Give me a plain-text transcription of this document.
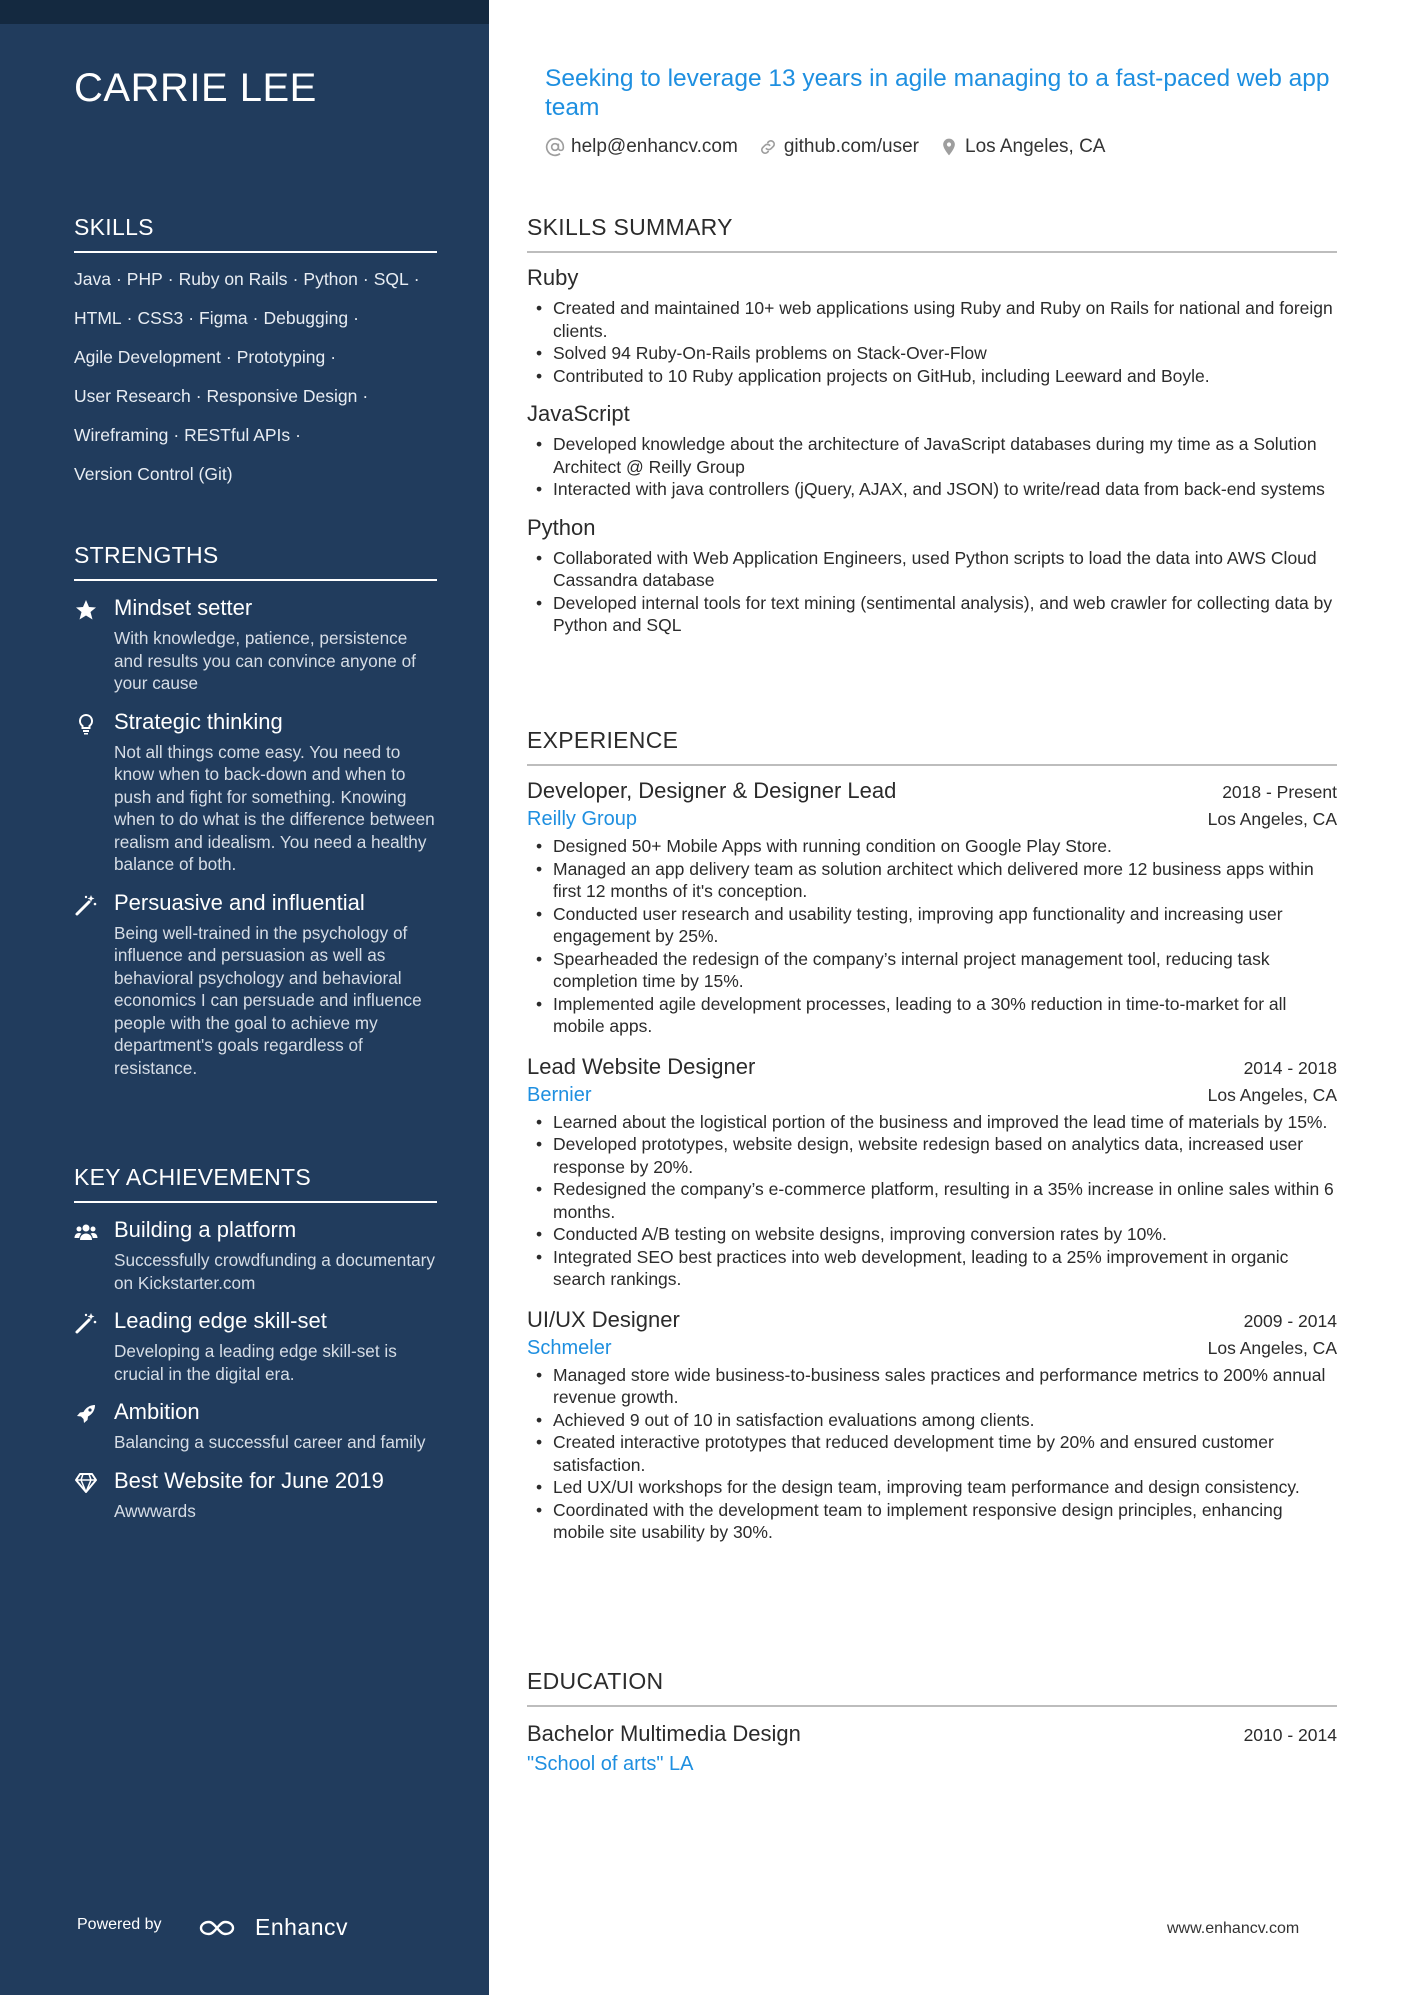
CARRIE LEE
SKILLS
Java · PHP · Ruby on Rails · Python · SQL ·
HTML · CSS3 · Figma · Debugging ·
Agile Development · Prototyping ·
User Research · Responsive Design ·
Wireframing · RESTful APIs ·
Version Control (Git)
STRENGTHS
Mindset setter
With knowledge, patience, persistence and results you can convince anyone of your cause
Strategic thinking
Not all things come easy. You need to know when to back-down and when to push and fight for something. Knowing when to do what is the difference between realism and idealism. You need a healthy balance of both.
Persuasive and influential
Being well-trained in the psychology of influence and persuasion as well as behavioral psychology and behavioral economics I can persuade and influence people with the goal to achieve my department's goals regardless of resistance.
KEY ACHIEVEMENTS
Building a platform
Successfully crowdfunding a documentary on Kickstarter.com
Leading edge skill-set
Developing a leading edge skill-set is crucial in the digital era.
Ambition
Balancing a successful career and family
Best Website for June 2019
Awwwards
Powered by	Enhancv
Seeking to leverage 13 years in agile managing to a fast-paced web app team
help@enhancv.com github.com/user Los Angeles, CA
SKILLS SUMMARY
Ruby
• Created and maintained 10+ web applications using Ruby and Ruby on Rails for national and foreign clients.
• Solved 94 Ruby-On-Rails problems on Stack-Over-Flow
• Contributed to 10 Ruby application projects on GitHub, including Leeward and Boyle.
JavaScript
• Developed knowledge about the architecture of JavaScript databases during my time as a Solution Architect @ Reilly Group
• Interacted with java controllers (jQuery, AJAX, and JSON) to write/read data from back-end systems
Python
• Collaborated with Web Application Engineers, used Python scripts to load the data into AWS Cloud Cassandra database
• Developed internal tools for text mining (sentimental analysis), and web crawler for collecting data by Python and SQL
EXPERIENCE
Developer, Designer & Designer Lead	2018 - Present
Reilly Group	Los Angeles, CA
• Designed 50+ Mobile Apps with running condition on Google Play Store.
• Managed an app delivery team as solution architect which delivered more 12 business apps within first 12 months of it's conception.
• Conducted user research and usability testing, improving app functionality and increasing user engagement by 25%.
• Spearheaded the redesign of the company’s internal project management tool, reducing task completion time by 15%.
• Implemented agile development processes, leading to a 30% reduction in time-to-market for all mobile apps.
Lead Website Designer	2014 - 2018
Bernier	Los Angeles, CA
• Learned about the logistical portion of the business and improved the lead time of materials by 15%.
• Developed prototypes, website design, website redesign based on analytics data, increased user response by 20%.
• Redesigned the company’s e-commerce platform, resulting in a 35% increase in online sales within 6 months.
• Conducted A/B testing on website designs, improving conversion rates by 10%.
• Integrated SEO best practices into web development, leading to a 25% improvement in organic search rankings.
UI/UX Designer	2009 - 2014
Schmeler	Los Angeles, CA
• Managed store wide business-to-business sales practices and performance metrics to 200% annual revenue growth.
• Achieved 9 out of 10 in satisfaction evaluations among clients.
• Created interactive prototypes that reduced development time by 20% and ensured customer satisfaction.
• Led UX/UI workshops for the design team, improving team performance and design consistency.
• Coordinated with the development team to implement responsive design principles, enhancing mobile site usability by 30%.
EDUCATION
Bachelor Multimedia Design	2010 - 2014
"School of arts" LA
www.enhancv.com
